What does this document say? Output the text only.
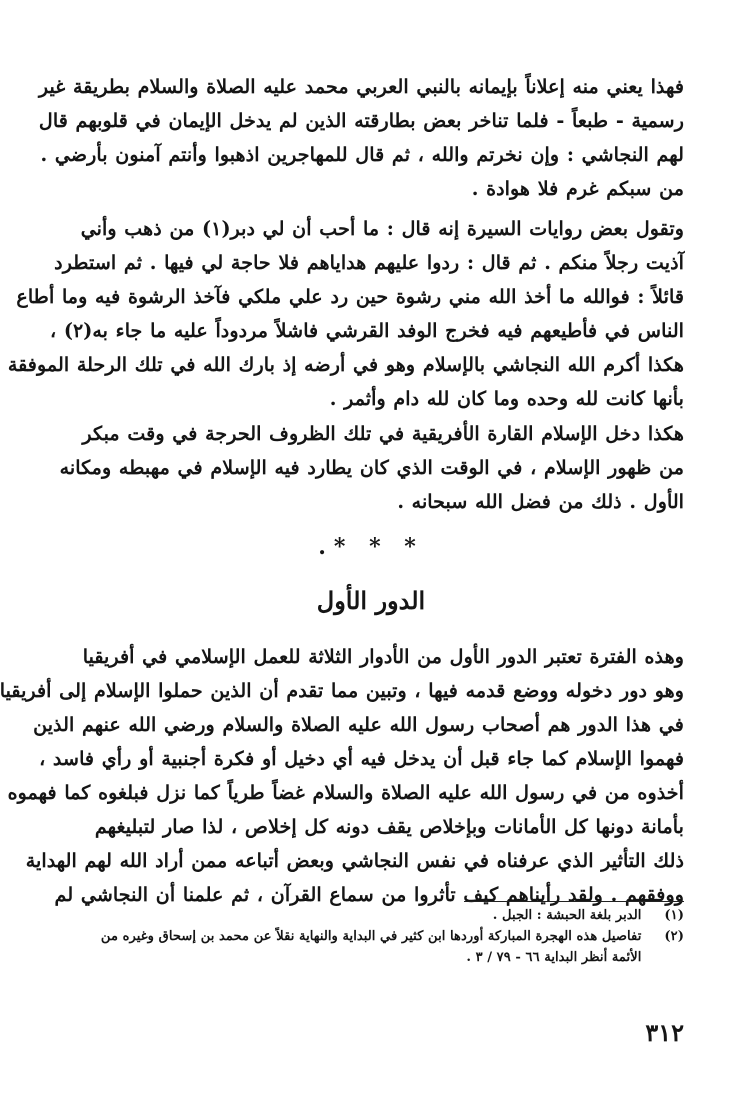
فهذا يعني منه إعلاناً بإيمانه بالنبي العربي محمد عليه الصلاة والسلام بطريقة غير
رسمية - طبعاً - فلما تناخر بعض بطارقته الذين لم يدخل الإيمان في قلوبهم قال
لهم النجاشي : وإن نخرتم والله ، ثم قال للمهاجرين اذهبوا وأنتم آمنون بأرضي .
من سبكم غرم فلا هوادة .
وتقول بعض روايات السيرة إنه قال : ما أحب أن لي دبر(١) من ذهب وأني
آذيت رجلاً منكم . ثم قال : ردوا عليهم هداياهم فلا حاجة لي فيها . ثم استطرد
قائلاً : فوالله ما أخذ الله مني رشوة حين رد علي ملكي فآخذ الرشوة فيه وما أطاع
الناس في فأطيعهم فيه فخرج الوفد القرشي فاشلاً مردوداً عليه ما جاء به(٢) ،
هكذا أكرم الله النجاشي بالإسلام وهو في أرضه إذ بارك الله في تلك الرحلة الموفقة
بأنها كانت لله وحده وما كان لله دام وأثمر .
هكذا دخل الإسلام القارة الأفريقية في تلك الظروف الحرجة في وقت مبكر
من ظهور الإسلام ، في الوقت الذي كان يطارد فيه الإسلام في مهبطه ومكانه
الأول . ذلك من فضل الله سبحانه .
* * *.
الدور الأول
وهذه الفترة تعتبر الدور الأول من الأدوار الثلاثة للعمل الإسلامي في أفريقيا
وهو دور دخوله ووضع قدمه فيها ، وتبين مما تقدم أن الذين حملوا الإسلام إلى أفريقيا
في هذا الدور هم أصحاب رسول الله عليه الصلاة والسلام ورضي الله عنهم الذين
فهموا الإسلام كما جاء قبل أن يدخل فيه أي دخيل أو فكرة أجنبية أو رأي فاسد ،
أخذوه من في رسول الله عليه الصلاة والسلام غضاً طرياً كما نزل فبلغوه كما فهموه
بأمانة دونها كل الأمانات وبإخلاص يقف دونه كل إخلاص ، لذا صار لتبليغهم
ذلك التأثير الذي عرفناه في نفس النجاشي وبعض أتباعه ممن أراد الله لهم الهداية
ووفقهم . ولقد رأيناهم كيف تأثروا من سماع القرآن ، ثم علمنا أن النجاشي لم
(١) الدبر بلغة الحبشة : الجبل .
(٢) تفاصيل هذه الهجرة المباركة أوردها ابن كثير في البداية والنهاية نقلاً عن محمد بن إسحاق وغيره من
الأئمة أنظر البداية ٦٦ - ٧٩ / ٣ .
٣١٢
